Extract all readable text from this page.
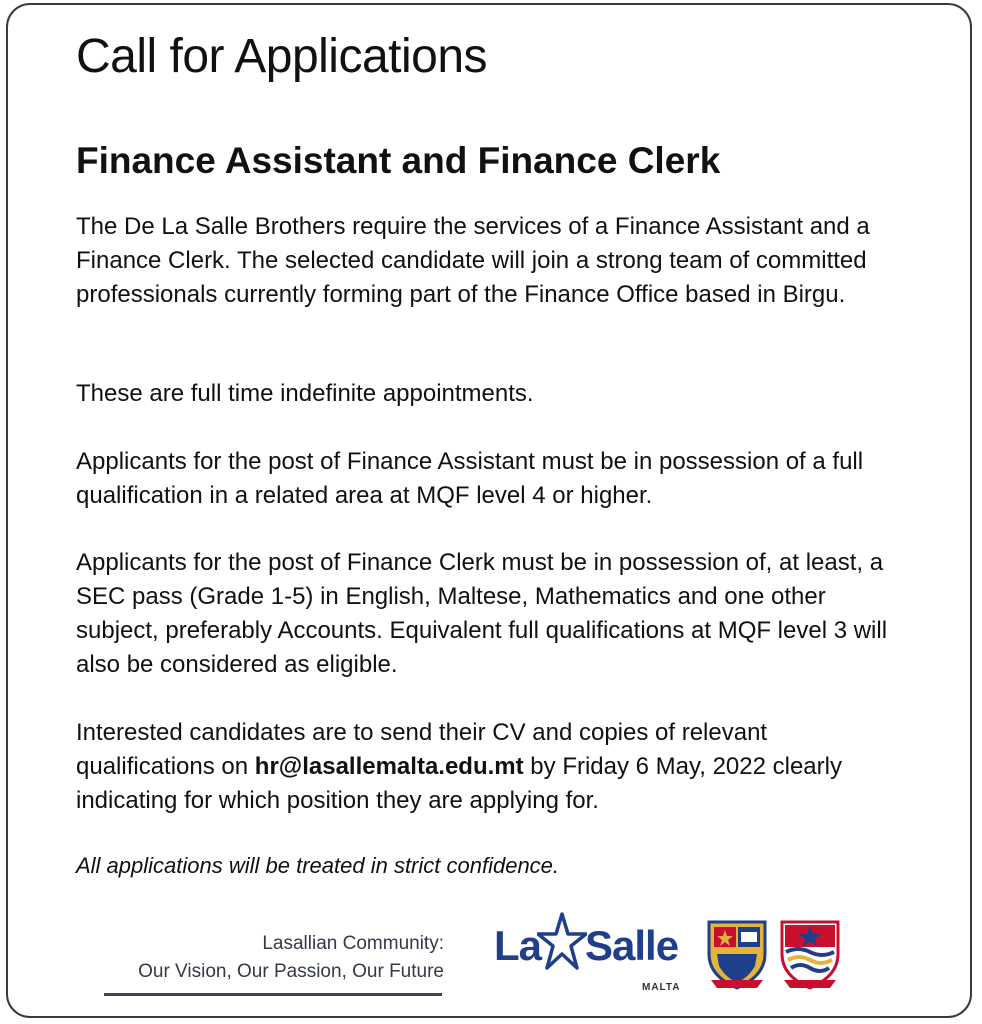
Call for Applications
Finance Assistant and Finance Clerk

The De La Salle Brothers require the services of a Finance Assistant and a Finance Clerk. The selected candidate will join a strong team of committed professionals currently forming part of the Finance Office based in Birgu.

These are full time indefinite appointments.

Applicants for the post of Finance Assistant must be in possession of a full qualification in a related area at MQF level 4 or higher.

Applicants for the post of Finance Clerk must be in possession of, at least, a SEC pass (Grade 1-5) in English, Maltese, Mathematics and one other subject, preferably Accounts. Equivalent full qualifications at MQF level 3 will also be considered as eligible.

Interested candidates are to send their CV and copies of relevant qualifications on hr@lasallemalta.edu.mt by Friday 6 May, 2022 clearly indicating for which position they are applying for.

All applications will be treated in strict confidence.

Lasallian Community:
Our Vision, Our Passion, Our Future
La Salle
MALTA
